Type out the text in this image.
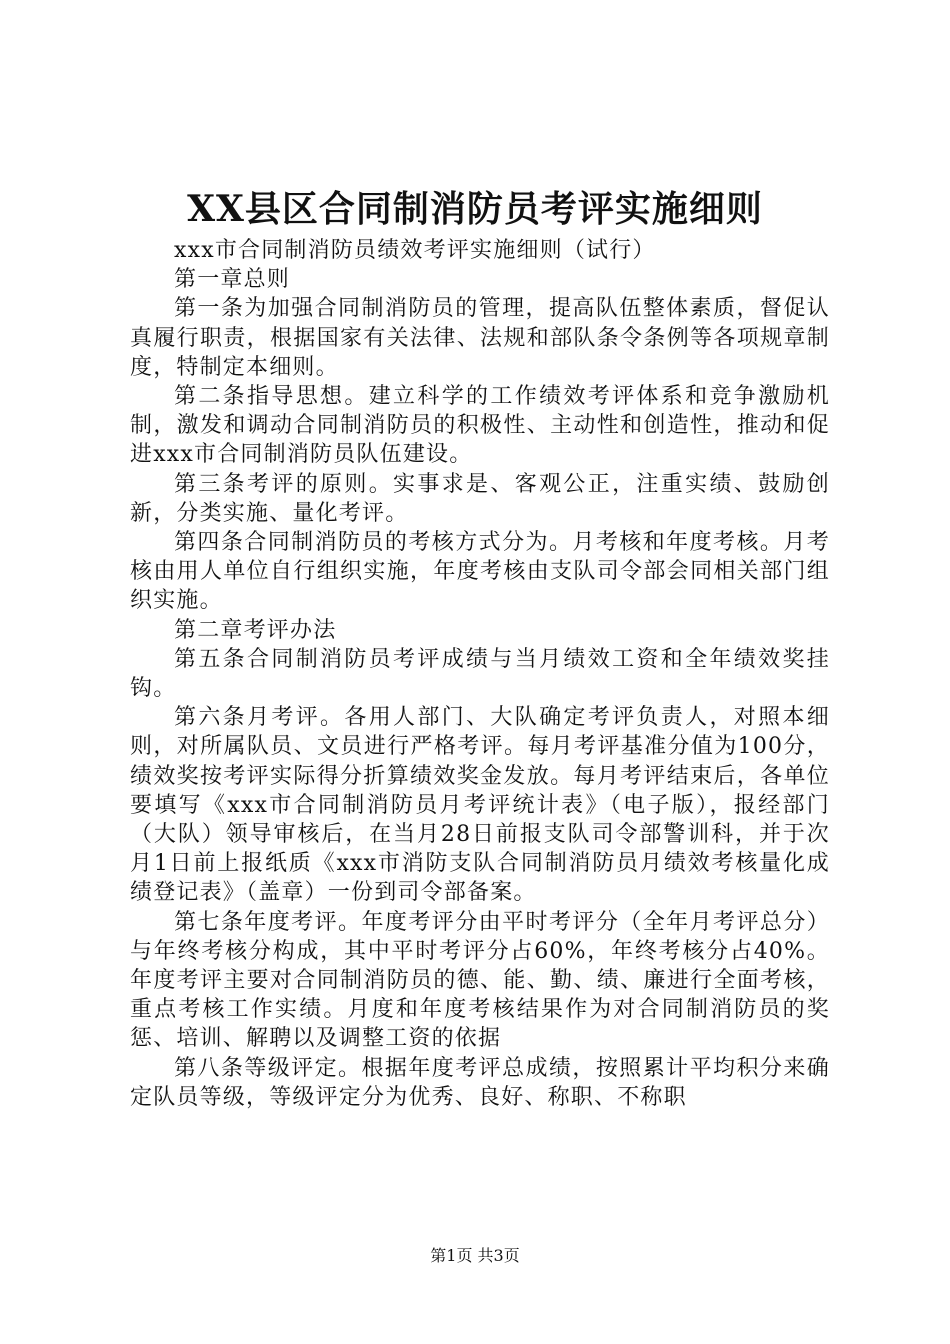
XX县区合同制消防员考评实施细则

xxx市合同制消防员绩效考评实施细则（试行）

第一章总则

第一条为加强合同制消防员的管理，提高队伍整体素质，督促认真履行职责，根据国家有关法律、法规和部队条令条例等各项规章制度，特制定本细则。

第二条指导思想。建立科学的工作绩效考评体系和竞争激励机制，激发和调动合同制消防员的积极性、主动性和创造性，推动和促进xxx市合同制消防员队伍建设。

第三条考评的原则。实事求是、客观公正，注重实绩、鼓励创新，分类实施、量化考评。

第四条合同制消防员的考核方式分为。月考核和年度考核。月考核由用人单位自行组织实施，年度考核由支队司令部会同相关部门组织实施。

第二章考评办法

第五条合同制消防员考评成绩与当月绩效工资和全年绩效奖挂钩。

第六条月考评。各用人部门、大队确定考评负责人，对照本细则，对所属队员、文员进行严格考评。每月考评基准分值为100分，绩效奖按考评实际得分折算绩效奖金发放。每月考评结束后，各单位要填写《xxx市合同制消防员月考评统计表》（电子版），报经部门（大队）领导审核后，在当月28日前报支队司令部警训科，并于次月1日前上报纸质《xxx市消防支队合同制消防员月绩效考核量化成绩登记表》（盖章）一份到司令部备案。

第七条年度考评。年度考评分由平时考评分（全年月考评总分）与年终考核分构成，其中平时考评分占60%，年终考核分占40%。年度考评主要对合同制消防员的德、能、勤、绩、廉进行全面考核，重点考核工作实绩。月度和年度考核结果作为对合同制消防员的奖惩、培训、解聘以及调整工资的依据

第八条等级评定。根据年度考评总成绩，按照累计平均积分来确定队员等级，等级评定分为优秀、良好、称职、不称职

第1页 共3页
